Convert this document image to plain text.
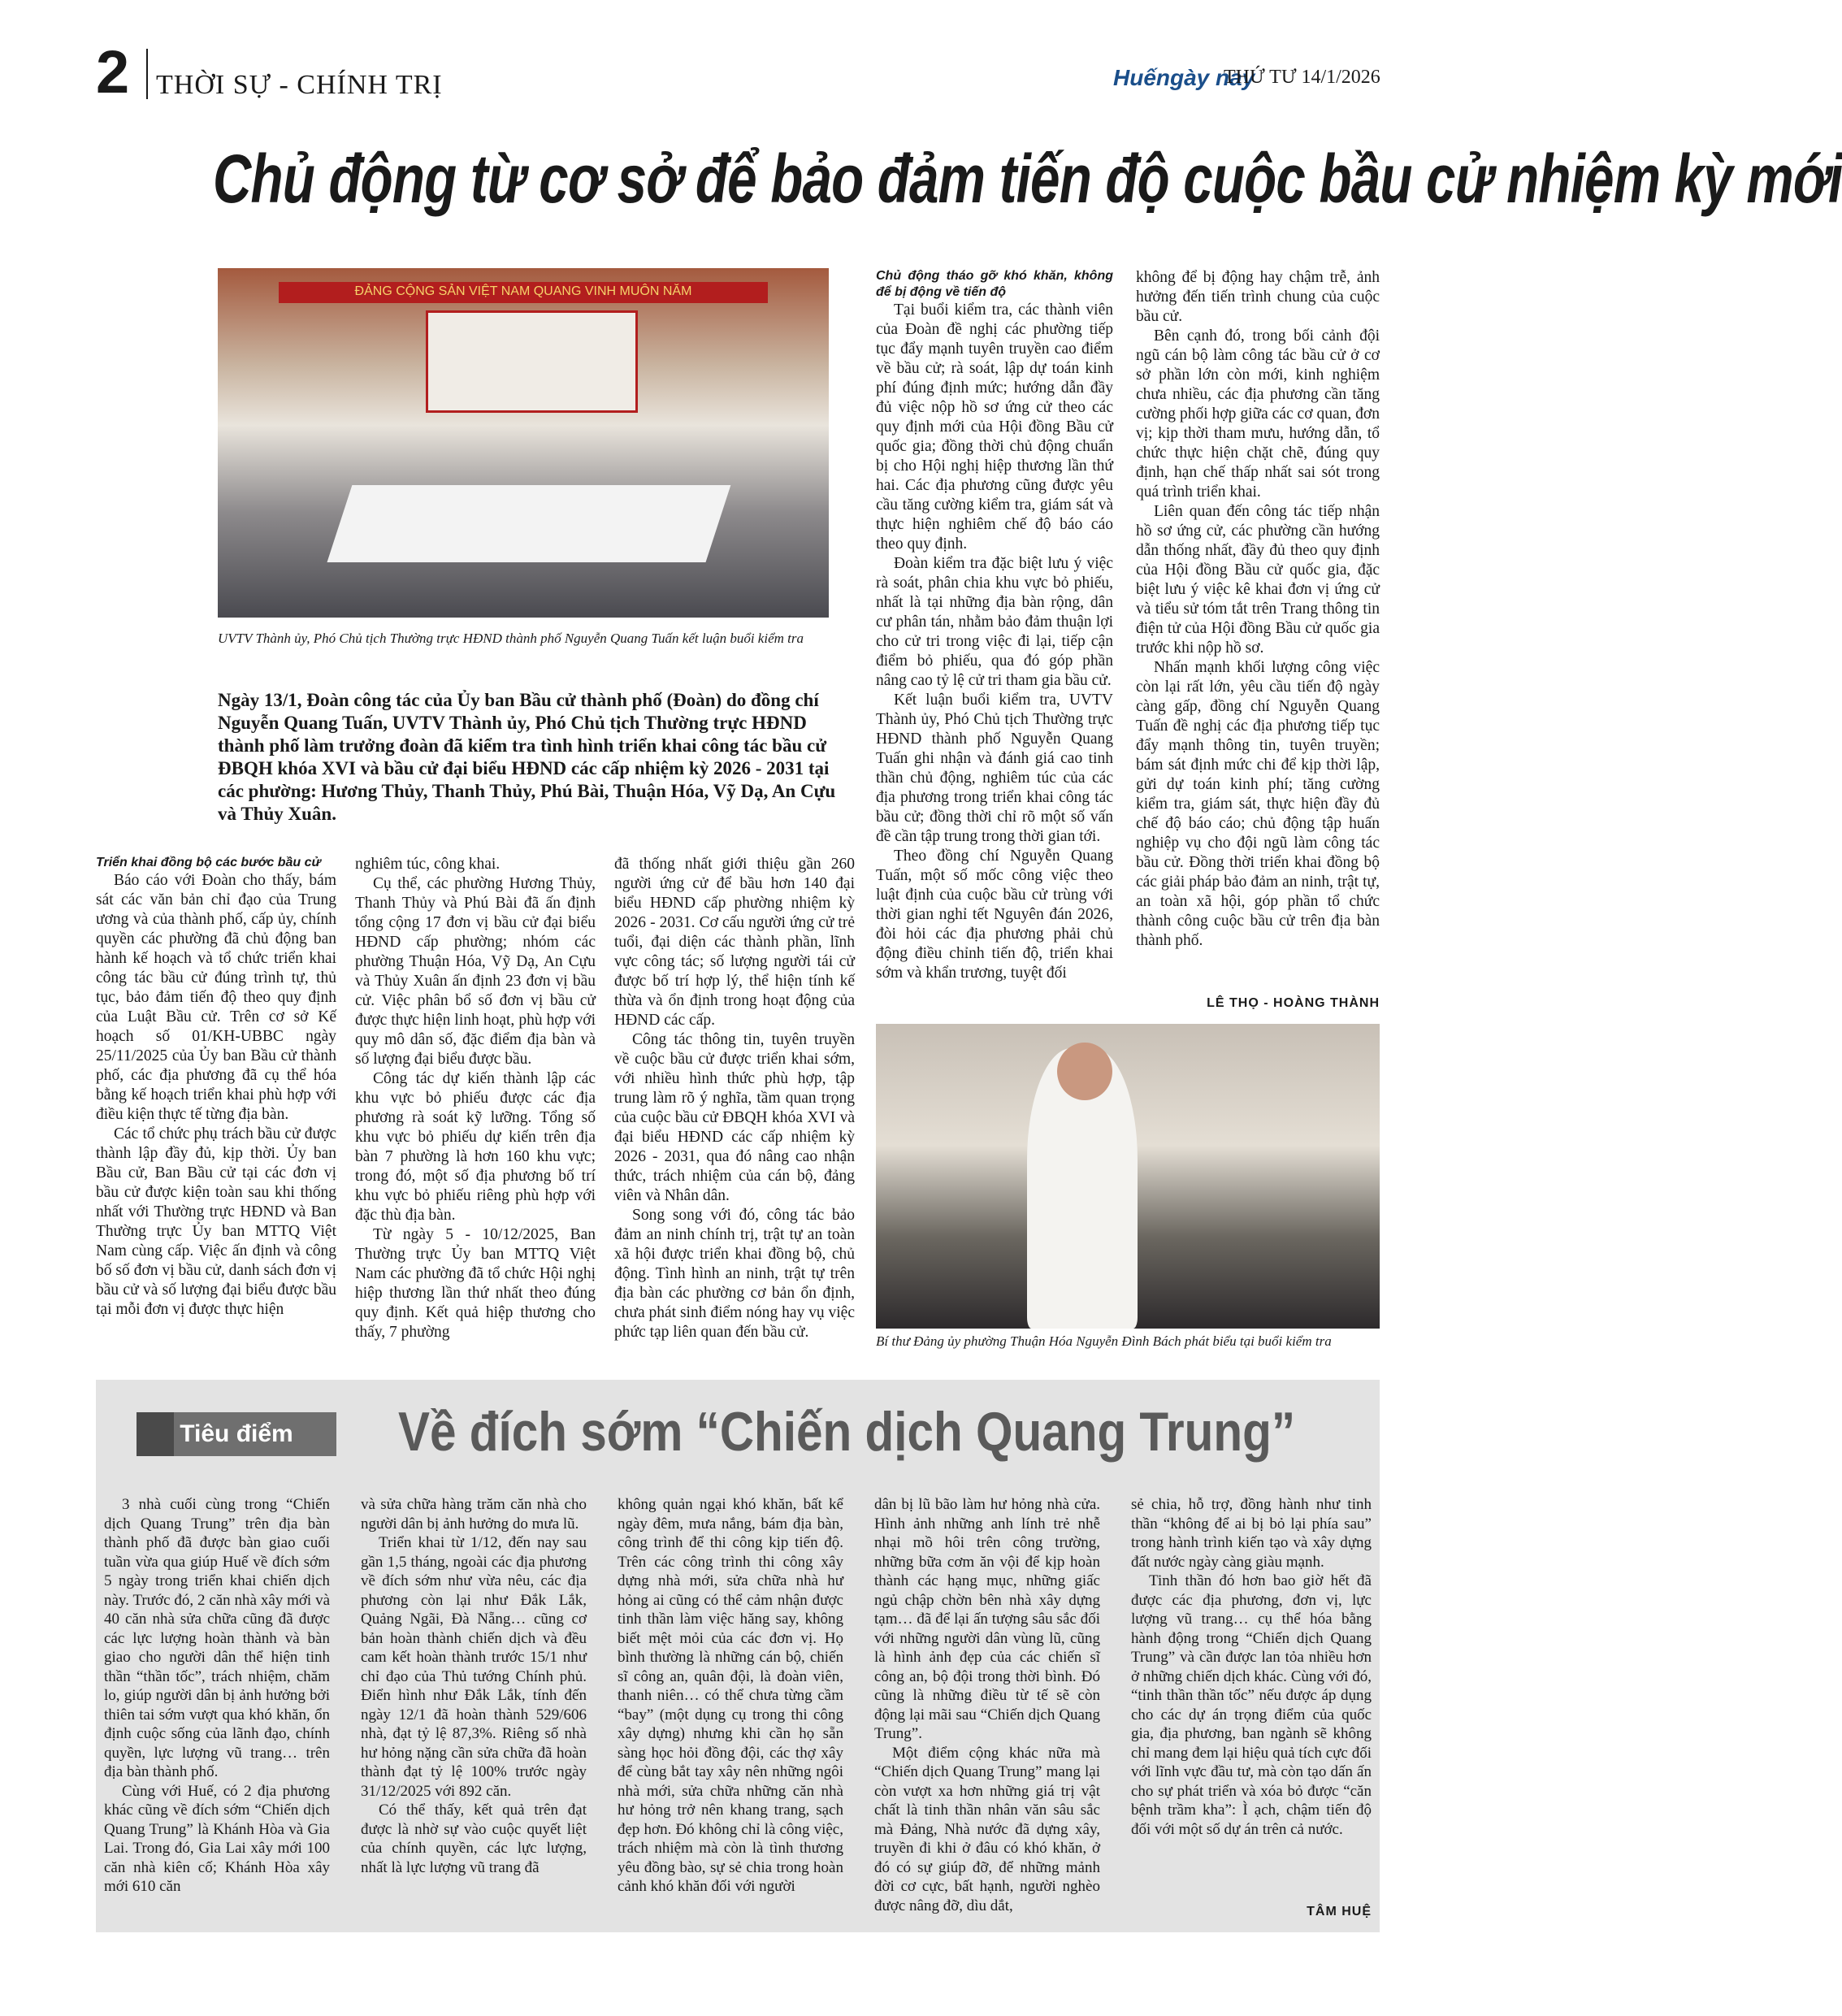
2 THỜI SỰ - CHÍNH TRỊ	Huếngày nay
THỨ TƯ 14/1/2026
Chủ động từ cơ sở để bảo đảm tiến độ cuộc bầu cử nhiệm kỳ mới
ĐẢNG CỘNG SẢN VIỆT NAM QUANG VINH MUÔN NĂM
UVTV Thành ủy, Phó Chủ tịch Thường trực HĐND thành phố Nguyễn Quang Tuấn kết luận buổi kiểm tra
Ngày 13/1, Đoàn công tác của Ủy ban Bầu cử thành phố (Đoàn) do đồng chí Nguyễn Quang Tuấn, UVTV Thành ủy, Phó Chủ tịch Thường trực HĐND thành phố làm trưởng đoàn đã kiểm tra tình hình triển khai công tác bầu cử ĐBQH khóa XVI và bầu cử đại biểu HĐND các cấp nhiệm kỳ 2026 - 2031 tại các phường: Hương Thủy, Thanh Thủy, Phú Bài, Thuận Hóa, Vỹ Dạ, An Cựu và Thủy Xuân.

Triển khai đồng bộ các bước bầu cử

Báo cáo với Đoàn cho thấy, bám sát các văn bản chỉ đạo của Trung ương và của thành phố, cấp ủy, chính quyền các phường đã chủ động ban hành kế hoạch và tổ chức triển khai công tác bầu cử đúng trình tự, thủ tục, bảo đảm tiến độ theo quy định của Luật Bầu cử. Trên cơ sở Kế hoạch số 01/KH-UBBC ngày 25/11/2025 của Ủy ban Bầu cử thành phố, các địa phương đã cụ thể hóa bằng kế hoạch triển khai phù hợp với điều kiện thực tế từng địa bàn.

Các tổ chức phụ trách bầu cử được thành lập đầy đủ, kịp thời. Ủy ban Bầu cử, Ban Bầu cử tại các đơn vị bầu cử được kiện toàn sau khi thống nhất với Thường trực HĐND và Ban Thường trực Ủy ban MTTQ Việt Nam cùng cấp. Việc ấn định và công bố số đơn vị bầu cử, danh sách đơn vị bầu cử và số lượng đại biểu được bầu tại mỗi đơn vị được thực hiện

nghiêm túc, công khai.

Cụ thể, các phường Hương Thủy, Thanh Thủy và Phú Bài đã ấn định tổng cộng 17 đơn vị bầu cử đại biểu HĐND cấp phường; nhóm các phường Thuận Hóa, Vỹ Dạ, An Cựu và Thủy Xuân ấn định 23 đơn vị bầu cử. Việc phân bổ số đơn vị bầu cử được thực hiện linh hoạt, phù hợp với quy mô dân số, đặc điểm địa bàn và số lượng đại biểu được bầu.

Công tác dự kiến thành lập các khu vực bỏ phiếu được các địa phương rà soát kỹ lưỡng. Tổng số khu vực bỏ phiếu dự kiến trên địa bàn 7 phường là hơn 160 khu vực; trong đó, một số địa phương bố trí khu vực bỏ phiếu riêng phù hợp với đặc thù địa bàn.

Từ ngày 5 - 10/12/2025, Ban Thường trực Ủy ban MTTQ Việt Nam các phường đã tổ chức Hội nghị hiệp thương lần thứ nhất theo đúng quy định. Kết quả hiệp thương cho thấy, 7 phường

đã thống nhất giới thiệu gần 260 người ứng cử để bầu hơn 140 đại biểu HĐND cấp phường nhiệm kỳ 2026 - 2031. Cơ cấu người ứng cử trẻ tuổi, đại diện các thành phần, lĩnh vực công tác; số lượng người tái cử được bố trí hợp lý, thể hiện tính kế thừa và ổn định trong hoạt động của HĐND các cấp.

Công tác thông tin, tuyên truyền về cuộc bầu cử được triển khai sớm, với nhiều hình thức phù hợp, tập trung làm rõ ý nghĩa, tầm quan trọng của cuộc bầu cử ĐBQH khóa XVI và đại biểu HĐND các cấp nhiệm kỳ 2026 - 2031, qua đó nâng cao nhận thức, trách nhiệm của cán bộ, đảng viên và Nhân dân.

Song song với đó, công tác bảo đảm an ninh chính trị, trật tự an toàn xã hội được triển khai đồng bộ, chủ động. Tình hình an ninh, trật tự trên địa bàn các phường cơ bản ổn định, chưa phát sinh điểm nóng hay vụ việc phức tạp liên quan đến bầu cử.

Chủ động tháo gỡ khó khăn, không để bị động về tiến độ

Tại buổi kiểm tra, các thành viên của Đoàn đề nghị các phường tiếp tục đẩy mạnh tuyên truyền cao điểm về bầu cử; rà soát, lập dự toán kinh phí đúng định mức; hướng dẫn đầy đủ việc nộp hồ sơ ứng cử theo các quy định mới của Hội đồng Bầu cử quốc gia; đồng thời chủ động chuẩn bị cho Hội nghị hiệp thương lần thứ hai. Các địa phương cũng được yêu cầu tăng cường kiểm tra, giám sát và thực hiện nghiêm chế độ báo cáo theo quy định.

Đoàn kiểm tra đặc biệt lưu ý việc rà soát, phân chia khu vực bỏ phiếu, nhất là tại những địa bàn rộng, dân cư phân tán, nhằm bảo đảm thuận lợi cho cử tri trong việc đi lại, tiếp cận điểm bỏ phiếu, qua đó góp phần nâng cao tỷ lệ cử tri tham gia bầu cử.

Kết luận buổi kiểm tra, UVTV Thành ủy, Phó Chủ tịch Thường trực HĐND thành phố Nguyễn Quang Tuấn ghi nhận và đánh giá cao tinh thần chủ động, nghiêm túc của các địa phương trong triển khai công tác bầu cử; đồng thời chỉ rõ một số vấn đề cần tập trung trong thời gian tới.

Theo đồng chí Nguyễn Quang Tuấn, một số mốc công việc theo luật định của cuộc bầu cử trùng với thời gian nghỉ tết Nguyên đán 2026, đòi hỏi các địa phương phải chủ động điều chỉnh tiến độ, triển khai sớm và khẩn trương, tuyệt đối

không để bị động hay chậm trễ, ảnh hưởng đến tiến trình chung của cuộc bầu cử.

Bên cạnh đó, trong bối cảnh đội ngũ cán bộ làm công tác bầu cử ở cơ sở phần lớn còn mới, kinh nghiệm chưa nhiều, các địa phương cần tăng cường phối hợp giữa các cơ quan, đơn vị; kịp thời tham mưu, hướng dẫn, tổ chức thực hiện chặt chẽ, đúng quy định, hạn chế thấp nhất sai sót trong quá trình triển khai.

Liên quan đến công tác tiếp nhận hồ sơ ứng cử, các phường cần hướng dẫn thống nhất, đầy đủ theo quy định của Hội đồng Bầu cử quốc gia, đặc biệt lưu ý việc kê khai đơn vị ứng cử và tiểu sử tóm tắt trên Trang thông tin điện tử của Hội đồng Bầu cử quốc gia trước khi nộp hồ sơ.

Nhấn mạnh khối lượng công việc còn lại rất lớn, yêu cầu tiến độ ngày càng gấp, đồng chí Nguyễn Quang Tuấn đề nghị các địa phương tiếp tục đẩy mạnh thông tin, tuyên truyền; bám sát định mức chi để kịp thời lập, gửi dự toán kinh phí; tăng cường kiểm tra, giám sát, thực hiện đầy đủ chế độ báo cáo; chủ động tập huấn nghiệp vụ cho đội ngũ làm công tác bầu cử. Đồng thời triển khai đồng bộ các giải pháp bảo đảm an ninh, trật tự, an toàn xã hội, góp phần tổ chức thành công cuộc bầu cử trên địa bàn thành phố.

LÊ THỌ - HOÀNG THÀNH
Bí thư Đảng ủy phường Thuận Hóa Nguyễn Đình Bách phát biểu tại buổi kiểm tra
Tiêu điểm	Về đích sớm “Chiến dịch Quang Trung”

3 nhà cuối cùng trong “Chiến dịch Quang Trung” trên địa bàn thành phố đã được bàn giao cuối tuần vừa qua giúp Huế về đích sớm 5 ngày trong triển khai chiến dịch này. Trước đó, 2 căn nhà xây mới và 40 căn nhà sửa chữa cũng đã được các lực lượng hoàn thành và bàn giao cho người dân thể hiện tinh thần “thần tốc”, trách nhiệm, chăm lo, giúp người dân bị ảnh hưởng bởi thiên tai sớm vượt qua khó khăn, ổn định cuộc sống của lãnh đạo, chính quyền, lực lượng vũ trang… trên địa bàn thành phố.

Cùng với Huế, có 2 địa phương khác cũng về đích sớm “Chiến dịch Quang Trung” là Khánh Hòa và Gia Lai. Trong đó, Gia Lai xây mới 100 căn nhà kiên cố; Khánh Hòa xây mới 610 căn

và sửa chữa hàng trăm căn nhà cho người dân bị ảnh hưởng do mưa lũ.

Triển khai từ 1/12, đến nay sau gần 1,5 tháng, ngoài các địa phương về đích sớm như vừa nêu, các địa phương còn lại như Đắk Lắk, Quảng Ngãi, Đà Nẵng… cũng cơ bản hoàn thành chiến dịch và đều cam kết hoàn thành trước 15/1 như chỉ đạo của Thủ tướng Chính phủ. Điển hình như Đắk Lắk, tính đến ngày 12/1 đã hoàn thành 529/606 nhà, đạt tỷ lệ 87,3%. Riêng số nhà hư hỏng nặng cần sửa chữa đã hoàn thành đạt tỷ lệ 100% trước ngày 31/12/2025 với 892 căn.

Có thể thấy, kết quả trên đạt được là nhờ sự vào cuộc quyết liệt của chính quyền, các lực lượng, nhất là lực lượng vũ trang đã

không quản ngại khó khăn, bất kể ngày đêm, mưa nắng, bám địa bàn, công trình để thi công kịp tiến độ. Trên các công trình thi công xây dựng nhà mới, sửa chữa nhà hư hỏng ai cũng có thể cảm nhận được tinh thần làm việc hăng say, không biết mệt mỏi của các đơn vị. Họ bình thường là những cán bộ, chiến sĩ công an, quân đội, là đoàn viên, thanh niên… có thể chưa từng cầm “bay” (một dụng cụ trong thi công xây dựng) nhưng khi cần họ sẵn sàng học hỏi đồng đội, các thợ xây để cùng bắt tay xây nên những ngôi nhà mới, sửa chữa những căn nhà hư hỏng trở nên khang trang, sạch đẹp hơn. Đó không chỉ là công việc, trách nhiệm mà còn là tình thương yêu đồng bào, sự sẻ chia trong hoàn cảnh khó khăn đối với người

dân bị lũ bão làm hư hỏng nhà cửa. Hình ảnh những anh lính trẻ nhễ nhại mồ hôi trên công trường, những bữa cơm ăn vội để kịp hoàn thành các hạng mục, những giấc ngủ chập chờn bên nhà xây dựng tạm… đã để lại ấn tượng sâu sắc đối với những người dân vùng lũ, cũng là hình ảnh đẹp của các chiến sĩ công an, bộ đội trong thời bình. Đó cũng là những điều từ tế sẽ còn động lại mãi sau “Chiến dịch Quang Trung”.

Một điểm cộng khác nữa mà “Chiến dịch Quang Trung” mang lại còn vượt xa hơn những giá trị vật chất là tinh thần nhân văn sâu sắc mà Đảng, Nhà nước đã dựng xây, truyền đi khi ở đâu có khó khăn, ở đó có sự giúp đỡ, để những mảnh đời cơ cực, bất hạnh, người nghèo được nâng đỡ, dìu dắt,

sẻ chia, hỗ trợ, đồng hành như tinh thần “không để ai bị bỏ lại phía sau” trong hành trình kiến tạo và xây dựng đất nước ngày càng giàu mạnh.

Tinh thần đó hơn bao giờ hết đã được các địa phương, đơn vị, lực lượng vũ trang… cụ thể hóa bằng hành động trong “Chiến dịch Quang Trung” và cần được lan tỏa nhiều hơn ở những chiến dịch khác. Cùng với đó, “tinh thần thần tốc” nếu được áp dụng cho các dự án trọng điểm của quốc gia, địa phương, ban ngành sẽ không chỉ mang đem lại hiệu quả tích cực đối với lĩnh vực đầu tư, mà còn tạo dấn ấn cho sự phát triển và xóa bỏ được “căn bệnh trầm kha”: Ì ạch, chậm tiến độ đối với một số dự án trên cả nước.

TÂM HUỆ
